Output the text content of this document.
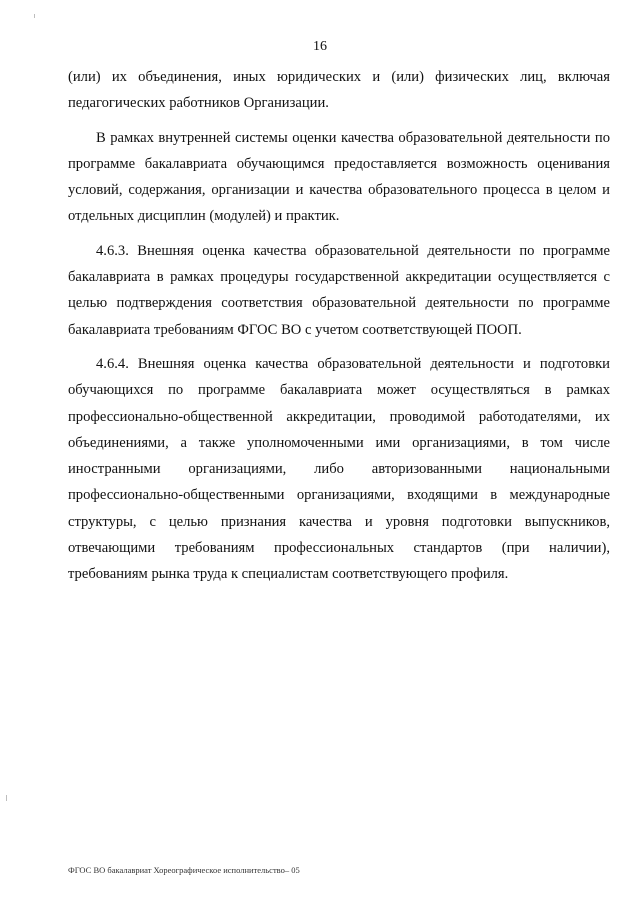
16

(или) их объединения, иных юридических и (или) физических лиц, включая педагогических работников Организации.

В рамках внутренней системы оценки качества образовательной деятельности по программе бакалавриата обучающимся предоставляется возможность оценивания условий, содержания, организации и качества образовательного процесса в целом и отдельных дисциплин (модулей) и практик.

4.6.3. Внешняя оценка качества образовательной деятельности по программе бакалавриата в рамках процедуры государственной аккредитации осуществляется с целью подтверждения соответствия образовательной деятельности по программе бакалавриата требованиям ФГОС ВО с учетом соответствующей ПООП.

4.6.4. Внешняя оценка качества образовательной деятельности и подготовки обучающихся по программе бакалавриата может осуществляться в рамках профессионально-общественной аккредитации, проводимой работодателями, их объединениями, а также уполномоченными ими организациями, в том числе иностранными организациями, либо авторизованными национальными профессионально-общественными организациями, входящими в международные структуры, с целью признания качества и уровня подготовки выпускников, отвечающими требованиям профессиональных стандартов (при наличии), требованиям рынка труда к специалистам соответствующего профиля.

ФГОС ВО бакалавриат Хореографическое исполнительство– 05
